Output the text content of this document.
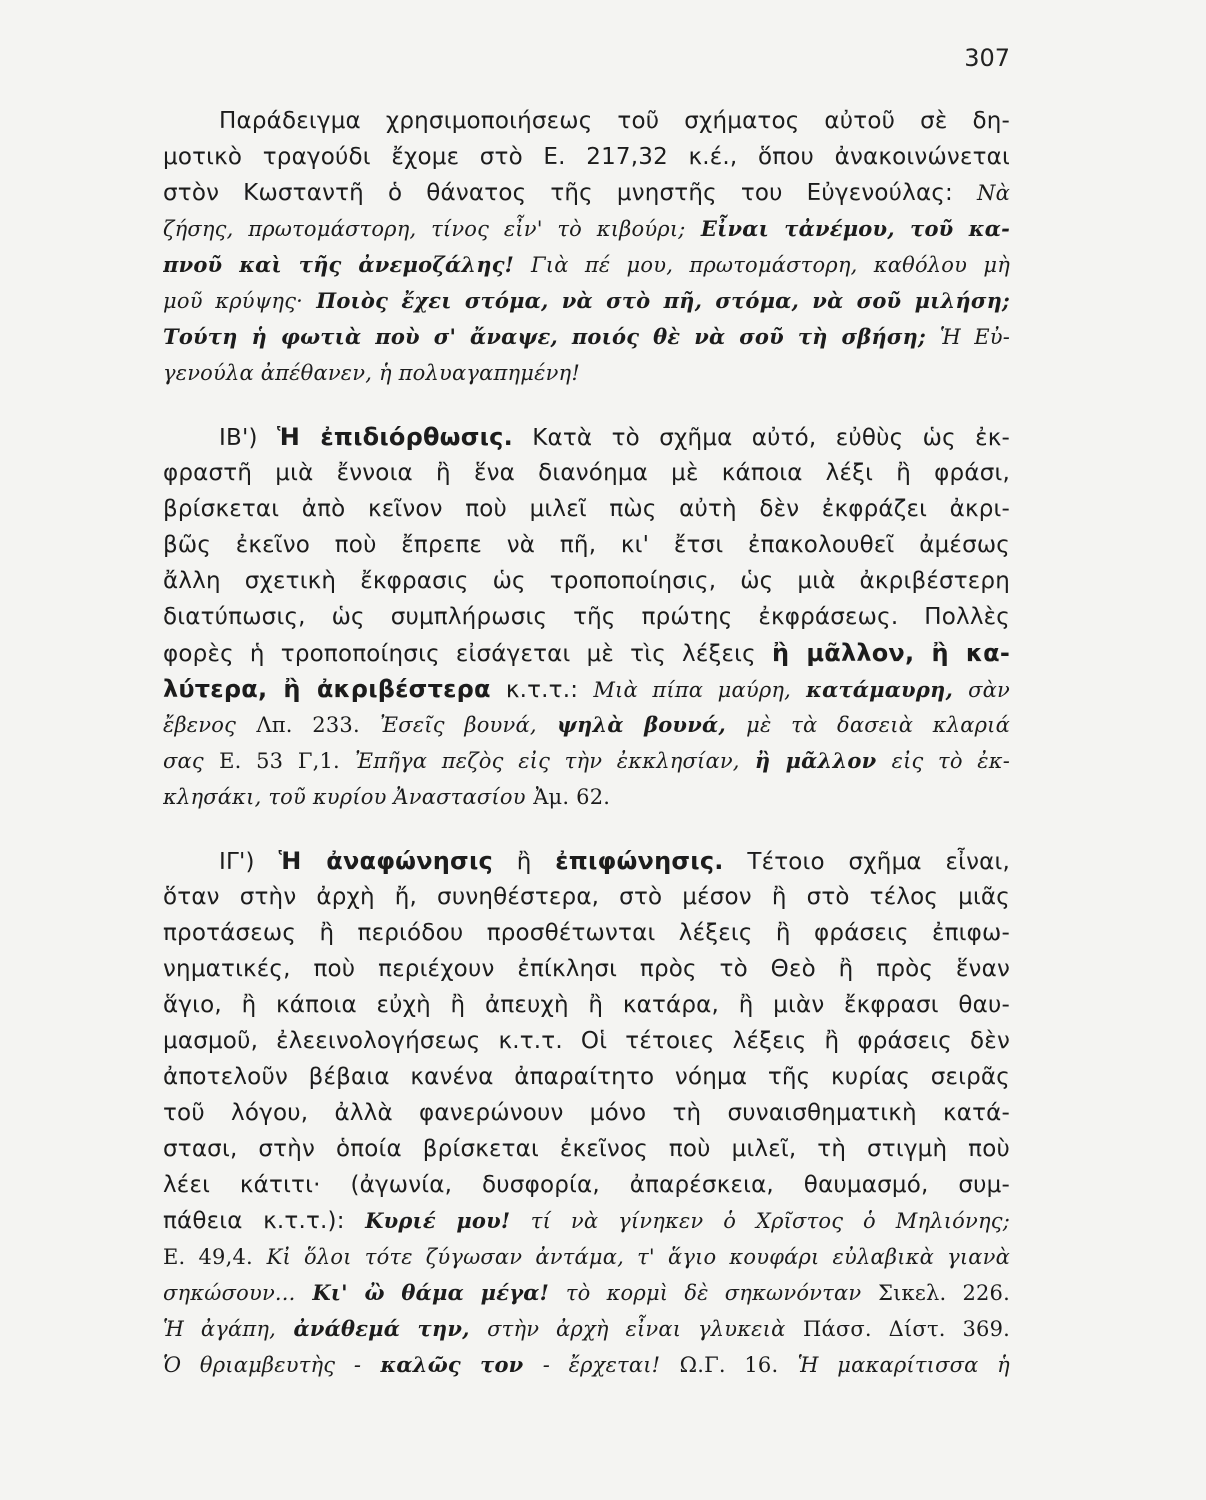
307
Παράδειγμα χρησιμοποιήσεως τοῦ σχήματος αὐτοῦ σὲ δη-
μοτικὸ τραγούδι ἔχομε στὸ Ε. 217,32 κ.έ., ὅπου ἀνακοινώνεται
στὸν Κωσταντῆ ὁ θάνατος τῆς μνηστῆς του Εὐγενούλας: Νὰ
ζήσης, πρωτομάστορη, τίνος εἶν' τὸ κιβούρι; Εἶναι τἀνέμου, τοῦ κα-
πνοῦ καὶ τῆς ἀνεμοζάλης! Γιὰ πέ μου, πρωτομάστορη, καθόλου μὴ
μοῦ κρύψης· Ποιὸς ἔχει στόμα, νὰ στὸ πῆ, στόμα, νὰ σοῦ μιλήση;
Τούτη ἡ φωτιὰ ποὺ σ' ἄναψε, ποιός θὲ νὰ σοῦ τὴ σβήση; Ἡ Εὐ-
γενούλα ἀπέθανεν, ἡ πολυαγαπημένη!
ΙΒ') Ἡ ἐπιδιόρθωσις. Κατὰ τὸ σχῆμα αὐτό, εὐθὺς ὡς ἐκ-
φραστῆ μιὰ ἔννοια ἢ ἕνα διανόημα μὲ κάποια λέξι ἢ φράσι,
βρίσκεται ἀπὸ κεῖνον ποὺ μιλεῖ πὼς αὐτὴ δὲν ἐκφράζει ἀκρι-
βῶς ἐκεῖνο ποὺ ἔπρεπε νὰ πῆ, κι' ἔτσι ἐπακολουθεῖ ἀμέσως
ἄλλη σχετικὴ ἔκφρασις ὡς τροποποίησις, ὡς μιὰ ἀκριβέστερη
διατύπωσις, ὡς συμπλήρωσις τῆς πρώτης ἐκφράσεως. Πολλὲς
φορὲς ἡ τροποποίησις εἰσάγεται μὲ τὶς λέξεις ἢ μᾶλλον, ἢ κα-
λύτερα, ἢ ἀκριβέστερα κ.τ.τ.: Μιὰ πίπα μαύρη, κατάμαυρη, σὰν
ἔβενος Λπ. 233. Ἐσεῖς βουνά, ψηλὰ βουνά, μὲ τὰ δασειὰ κλαριά
σας Ε. 53 Γ,1. Ἐπῆγα πεζὸς εἰς τὴν ἐκκλησίαν, ἢ μᾶλλον εἰς τὸ ἐκ-
κλησάκι, τοῦ κυρίου Ἀναστασίου Ἀμ. 62.
ΙΓ') Ἡ ἀναφώνησις ἢ ἐπιφώνησις. Τέτοιο σχῆμα εἶναι,
ὅταν στὴν ἀρχὴ ἤ, συνηθέστερα, στὸ μέσον ἢ στὸ τέλος μιᾶς
προτάσεως ἢ περιόδου προσθέτωνται λέξεις ἢ φράσεις ἐπιφω-
νηματικές, ποὺ περιέχουν ἐπίκλησι πρὸς τὸ Θεὸ ἢ πρὸς ἕναν
ἅγιο, ἢ κάποια εὐχὴ ἢ ἀπευχὴ ἢ κατάρα, ἢ μιὰν ἔκφρασι θαυ-
μασμοῦ, ἐλεεινολογήσεως κ.τ.τ. Οἱ τέτοιες λέξεις ἢ φράσεις δὲν
ἀποτελοῦν βέβαια κανένα ἀπαραίτητο νόημα τῆς κυρίας σειρᾶς
τοῦ λόγου, ἀλλὰ φανερώνουν μόνο τὴ συναισθηματικὴ κατά-
στασι, στὴν ὁποία βρίσκεται ἐκεῖνος ποὺ μιλεῖ, τὴ στιγμὴ ποὺ
λέει κάτιτι· (ἀγωνία, δυσφορία, ἀπαρέσκεια, θαυμασμό, συμ-
πάθεια κ.τ.τ.): Κυριέ μου! τί νὰ γίνηκεν ὁ Χρῖστος ὁ Μηλιόνης;
Ε. 49,4. Κἰ ὅλοι τότε ζύγωσαν ἀντάμα, τ' ἅγιο κουφάρι εὐλαβικὰ γιανὰ
σηκώσουν... Κι' ὢ θάμα μέγα! τὸ κορμὶ δὲ σηκωνόνταν Σικελ. 226.
Ἡ ἀγάπη, ἀνάθεμά την, στὴν ἀρχὴ εἶναι γλυκειὰ Πάσσ. Δίστ. 369.
Ὁ θριαμβευτὴς - καλῶς τον - ἔρχεται! Ω.Γ. 16. Ἡ μακαρίτισσα ἡ
